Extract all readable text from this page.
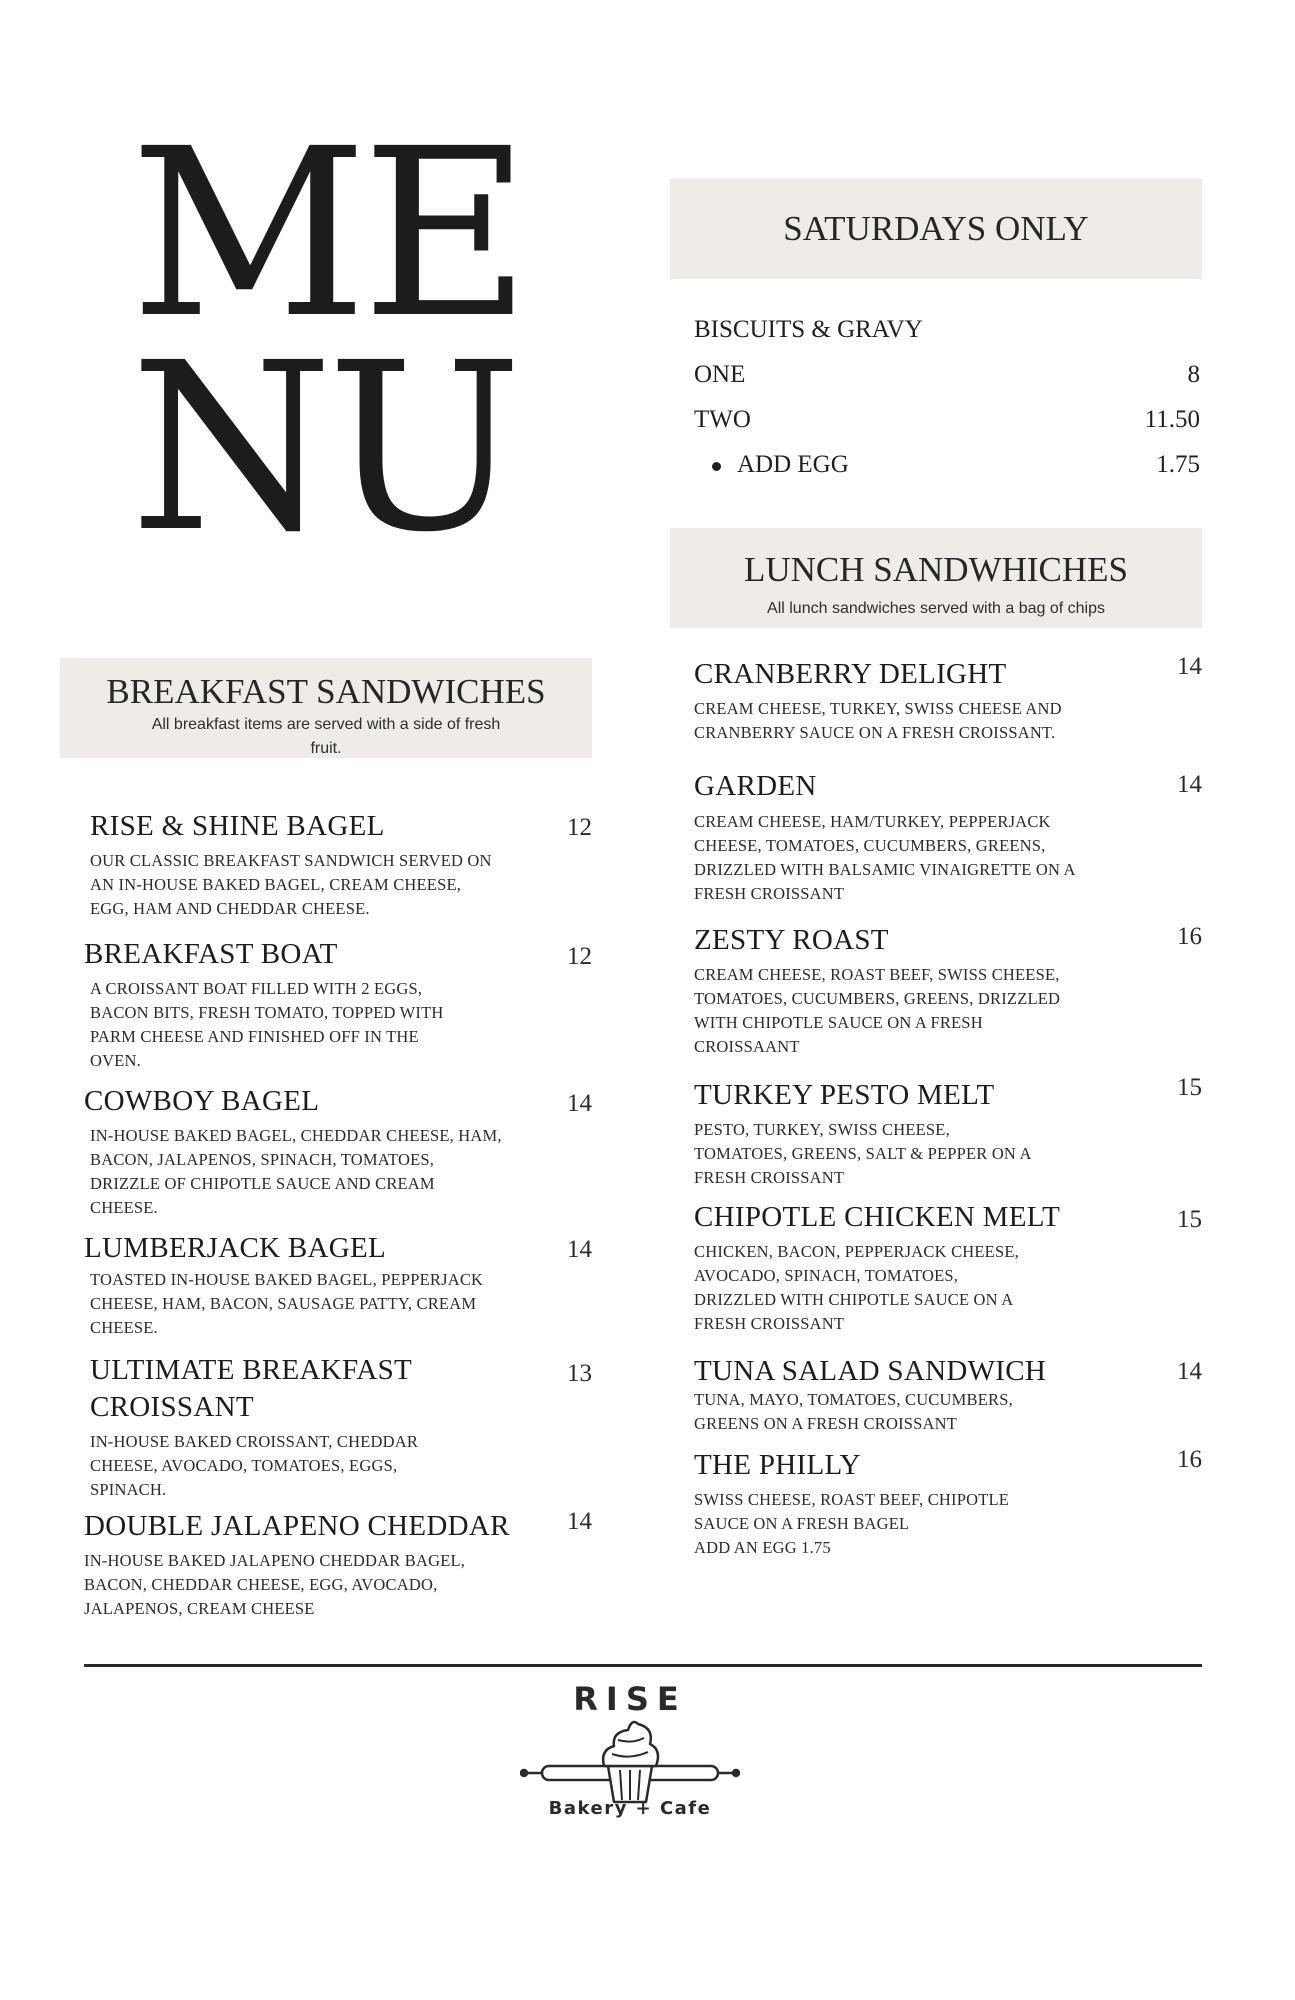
ME
NU
SATURDAYS ONLY
BISCUITS & GRAVY
ONE	8
TWO	11.50
ADD EGG	1.75
LUNCH SANDWHICHES
All lunch sandwiches served with a bag of chips
CRANBERRY DELIGHT	14
CREAM CHEESE, TURKEY, SWISS CHEESE AND
CRANBERRY SAUCE ON A FRESH CROISSANT.
GARDEN	14
CREAM CHEESE, HAM/TURKEY, PEPPERJACK
CHEESE, TOMATOES, CUCUMBERS, GREENS,
DRIZZLED WITH BALSAMIC VINAIGRETTE ON A
FRESH CROISSANT
ZESTY ROAST	16
CREAM CHEESE, ROAST BEEF, SWISS CHEESE,
TOMATOES, CUCUMBERS, GREENS, DRIZZLED
WITH CHIPOTLE SAUCE ON A FRESH
CROISSAANT
TURKEY PESTO MELT	15
PESTO, TURKEY, SWISS CHEESE,
TOMATOES, GREENS, SALT & PEPPER ON A
FRESH CROISSANT
CHIPOTLE CHICKEN MELT	15
CHICKEN, BACON, PEPPERJACK CHEESE,
AVOCADO, SPINACH, TOMATOES,
DRIZZLED WITH CHIPOTLE SAUCE ON A
FRESH CROISSANT
TUNA SALAD SANDWICH	14
TUNA, MAYO, TOMATOES, CUCUMBERS,
GREENS ON A FRESH CROISSANT
THE PHILLY	16
SWISS CHEESE, ROAST BEEF, CHIPOTLE
SAUCE ON A FRESH BAGEL
ADD AN EGG 1.75
BREAKFAST SANDWICHES
All breakfast items are served with a side of fresh
fruit.
RISE & SHINE BAGEL	12
OUR CLASSIC BREAKFAST SANDWICH SERVED ON
AN IN-HOUSE BAKED BAGEL, CREAM CHEESE,
EGG, HAM AND CHEDDAR CHEESE.
BREAKFAST BOAT	12
A CROISSANT BOAT FILLED WITH 2 EGGS,
BACON BITS, FRESH TOMATO, TOPPED WITH
PARM CHEESE AND FINISHED OFF IN THE
OVEN.
COWBOY BAGEL	14
IN-HOUSE BAKED BAGEL, CHEDDAR CHEESE, HAM,
BACON, JALAPENOS, SPINACH, TOMATOES,
DRIZZLE OF CHIPOTLE SAUCE AND CREAM
CHEESE.
LUMBERJACK BAGEL	14
TOASTED IN-HOUSE BAKED BAGEL, PEPPERJACK
CHEESE, HAM, BACON, SAUSAGE PATTY, CREAM
CHEESE.
ULTIMATE BREAKFAST
CROISSANT
13
IN-HOUSE BAKED CROISSANT, CHEDDAR
CHEESE, AVOCADO, TOMATOES, EGGS,
SPINACH.
DOUBLE JALAPENO CHEDDAR	14
IN-HOUSE BAKED JALAPENO CHEDDAR BAGEL,
BACON, CHEDDAR CHEESE, EGG, AVOCADO,
JALAPENOS, CREAM CHEESE
RISE
Bakery + Cafe
